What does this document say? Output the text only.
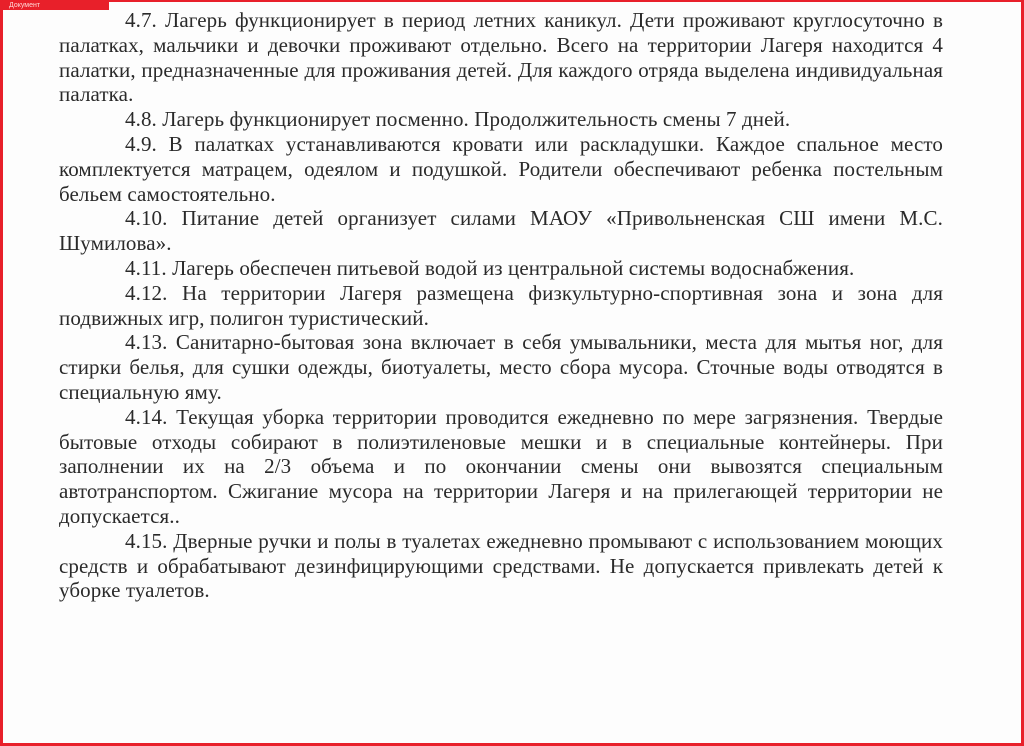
Документ

4.7. Лагерь функционирует в период летних каникул. Дети проживают круглосуточно в палатках, мальчики и девочки проживают отдельно. Всего на территории Лагеря находится 4 палатки, предназначенные для проживания детей. Для каждого отряда выделена индивидуальная палатка.

4.8. Лагерь функционирует посменно. Продолжительность смены 7 дней.

4.9. В палатках устанавливаются кровати или раскладушки. Каждое спальное место комплектуется матрацем, одеялом и подушкой. Родители обеспечивают ребенка постельным бельем самостоятельно.

4.10. Питание детей организует силами МАОУ «Привольненская СШ имени М.С. Шумилова».

4.11. Лагерь обеспечен питьевой водой из центральной системы водоснабжения.

4.12. На территории Лагеря размещена физкультурно-спортивная зона и зона для подвижных игр, полигон туристический.

4.13. Санитарно-бытовая зона включает в себя умывальники, места для мытья ног, для стирки белья, для сушки одежды, биотуалеты, место сбора мусора. Сточные воды отводятся в специальную яму.

4.14. Текущая уборка территории проводится ежедневно по мере загрязнения. Твердые бытовые отходы собирают в полиэтиленовые мешки и в специальные контейнеры. При заполнении их на 2/3 объема и по окончании смены они вывозятся специальным автотранспортом. Сжигание мусора на территории Лагеря и на прилегающей территории не допускается..

4.15. Дверные ручки и полы в туалетах ежедневно промывают с использованием моющих средств и обрабатывают дезинфицирующими средствами. Не допускается привлекать детей к уборке туалетов.
